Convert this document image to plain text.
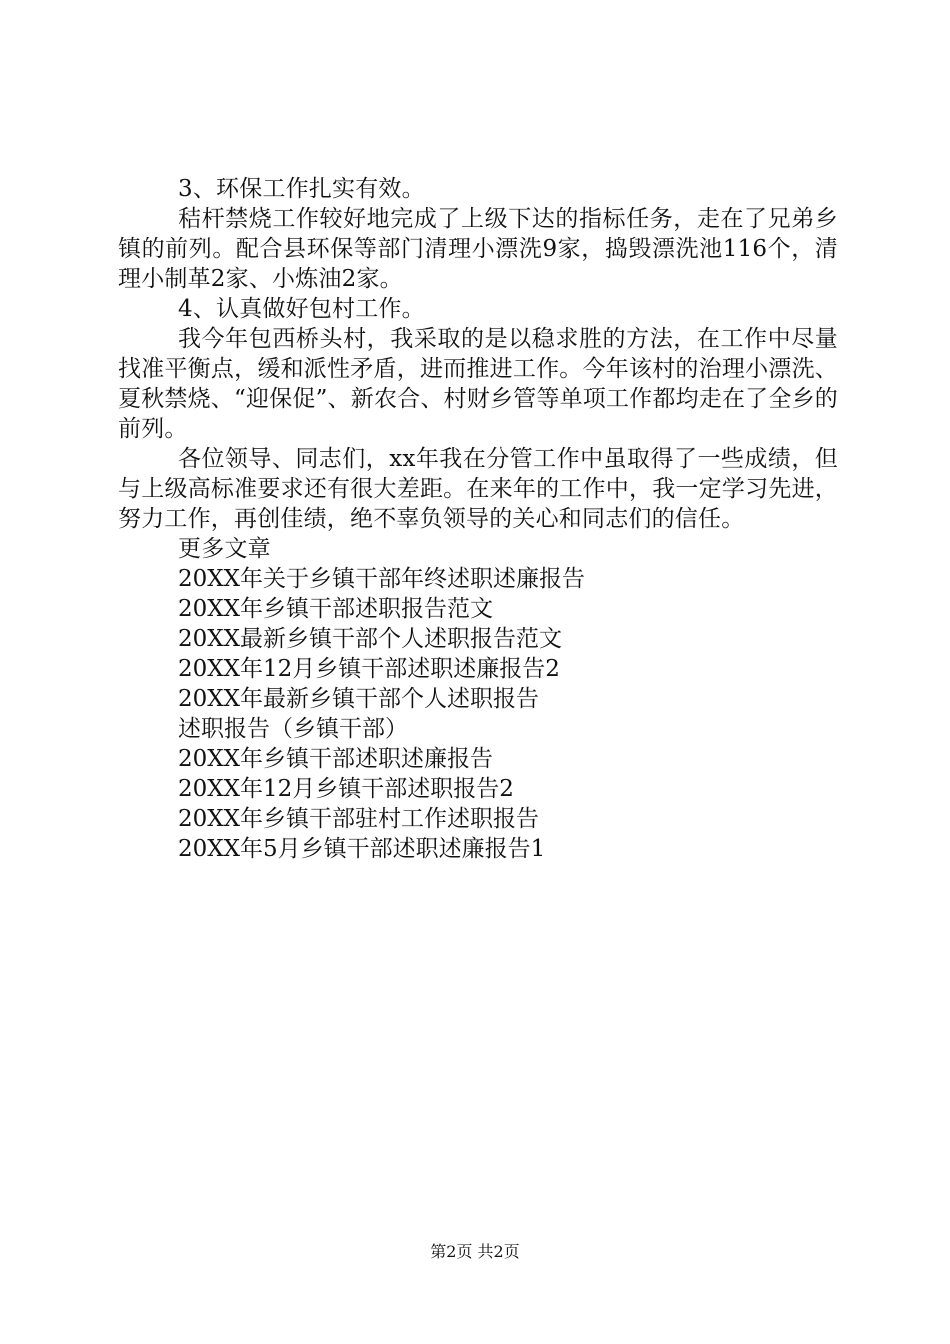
3、环保工作扎实有效。

秸杆禁烧工作较好地完成了上级下达的指标任务，走在了兄弟乡镇的前列。配合县环保等部门清理小漂洗9家，捣毁漂洗池116个，清理小制革2家、小炼油2家。

4、认真做好包村工作。

我今年包西桥头村，我采取的是以稳求胜的方法，在工作中尽量找准平衡点，缓和派性矛盾，进而推进工作。今年该村的治理小漂洗、夏秋禁烧、“迎保促”、新农合、村财乡管等单项工作都均走在了全乡的前列。

各位领导、同志们，xx年我在分管工作中虽取得了一些成绩，但与上级高标准要求还有很大差距。在来年的工作中，我一定学习先进，努力工作，再创佳绩，绝不辜负领导的关心和同志们的信任。

更多文章

20XX年关于乡镇干部年终述职述廉报告
20XX年乡镇干部述职报告范文
20XX最新乡镇干部个人述职报告范文
20XX年12月乡镇干部述职述廉报告2
20XX年最新乡镇干部个人述职报告
述职报告（乡镇干部）
20XX年乡镇干部述职述廉报告
20XX年12月乡镇干部述职报告2
20XX年乡镇干部驻村工作述职报告
20XX年5月乡镇干部述职述廉报告1
第2页 共2页
